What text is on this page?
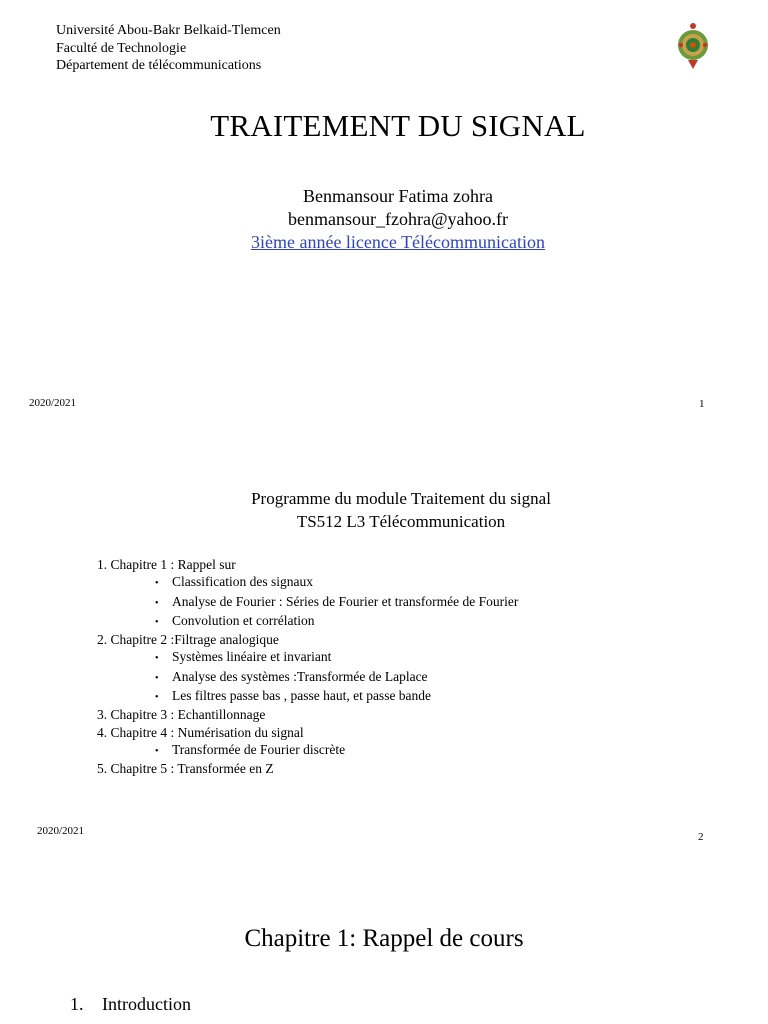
Université Abou-Bakr Belkaid-Tlemcen
Faculté de Technologie
Département de télécommunications
TRAITEMENT DU SIGNAL
Benmansour Fatima zohra
benmansour_fzohra@yahoo.fr
3ième année licence Télécommunication
2020/2021	1
Programme du module Traitement du signal
TS512 L3 Télécommunication
1. Chapitre 1 : Rappel sur
• Classification des signaux
• Analyse de Fourier : Séries de Fourier et transformée de Fourier
• Convolution et corrélation
2. Chapitre 2 :Filtrage analogique
• Systèmes linéaire et invariant
• Analyse des systèmes :Transformée de Laplace
• Les filtres passe bas , passe haut, et passe bande
3. Chapitre 3 : Echantillonnage
4. Chapitre 4 : Numérisation du signal
• Transformée de Fourier discrète
5. Chapitre 5 : Transformée en Z
2020/2021	2
Chapitre 1: Rappel de cours
1. Introduction
